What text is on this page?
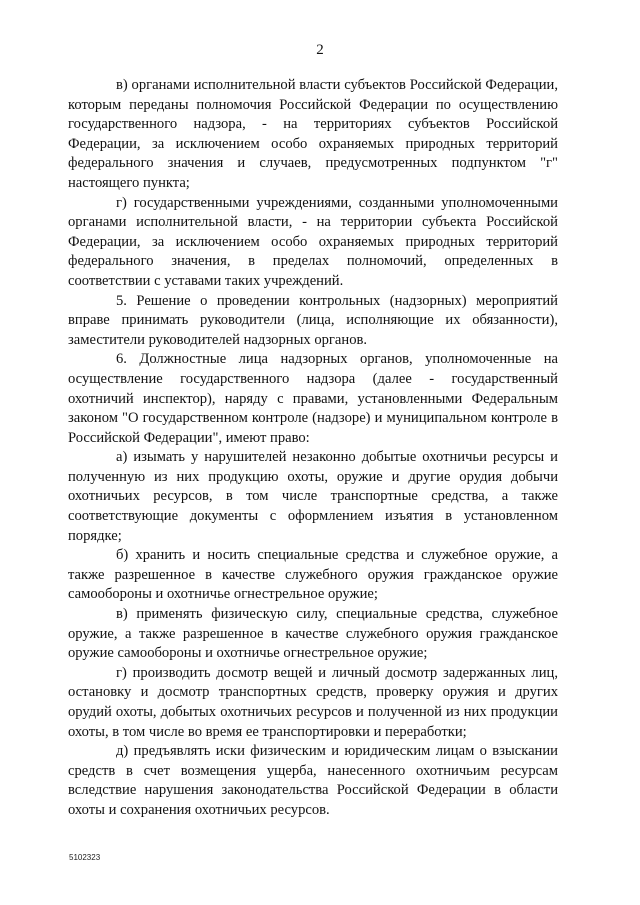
2

в) органами исполнительной власти субъектов Российской Федерации, которым переданы полномочия Российской Федерации по осуществлению государственного надзора, - на территориях субъектов Российской Федерации, за исключением особо охраняемых природных территорий федерального значения и случаев, предусмотренных подпунктом "г" настоящего пункта;

г) государственными учреждениями, созданными уполномоченными органами исполнительной власти, - на территории субъекта Российской Федерации, за исключением особо охраняемых природных территорий федерального значения, в пределах полномочий, определенных в соответствии с уставами таких учреждений.

5. Решение о проведении контрольных (надзорных) мероприятий вправе принимать руководители (лица, исполняющие их обязанности), заместители руководителей надзорных органов.

6. Должностные лица надзорных органов, уполномоченные на осуществление государственного надзора (далее - государственный охотничий инспектор), наряду с правами, установленными Федеральным законом "О государственном контроле (надзоре) и муниципальном контроле в Российской Федерации", имеют право:

а) изымать у нарушителей незаконно добытые охотничьи ресурсы и полученную из них продукцию охоты, оружие и другие орудия добычи охотничьих ресурсов, в том числе транспортные средства, а также соответствующие документы с оформлением изъятия в установленном порядке;

б) хранить и носить специальные средства и служебное оружие, а также разрешенное в качестве служебного оружия гражданское оружие самообороны и охотничье огнестрельное оружие;

в) применять физическую силу, специальные средства, служебное оружие, а также разрешенное в качестве служебного оружия гражданское оружие самообороны и охотничье огнестрельное оружие;

г) производить досмотр вещей и личный досмотр задержанных лиц, остановку и досмотр транспортных средств, проверку оружия и других орудий охоты, добытых охотничьих ресурсов и полученной из них продукции охоты, в том числе во время ее транспортировки и переработки;

д) предъявлять иски физическим и юридическим лицам о взыскании средств в счет возмещения ущерба, нанесенного охотничьим ресурсам вследствие нарушения законодательства Российской Федерации в области охоты и сохранения охотничьих ресурсов.

5102323
